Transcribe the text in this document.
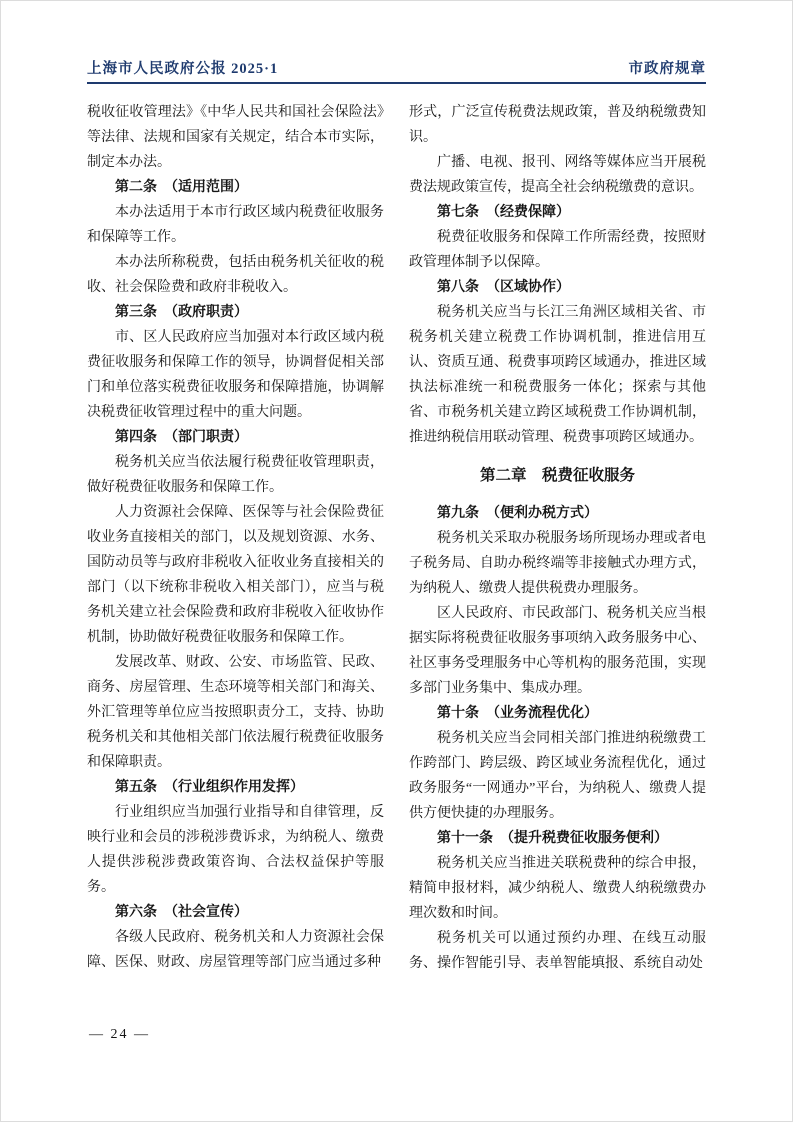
上海市人民政府公报 2025·1	市政府规章

税收征收管理法》《中华人民共和国社会保险法》等法律、法规和国家有关规定，结合本市实际，制定本办法。

第二条　（适用范围）

本办法适用于本市行政区域内税费征收服务和保障等工作。

本办法所称税费，包括由税务机关征收的税收、社会保险费和政府非税收入。

第三条　（政府职责）

市、区人民政府应当加强对本行政区域内税费征收服务和保障工作的领导，协调督促相关部门和单位落实税费征收服务和保障措施，协调解决税费征收管理过程中的重大问题。

第四条　（部门职责）

税务机关应当依法履行税费征收管理职责，做好税费征收服务和保障工作。

人力资源社会保障、医保等与社会保险费征收业务直接相关的部门，以及规划资源、水务、国防动员等与政府非税收入征收业务直接相关的部门（以下统称非税收入相关部门），应当与税务机关建立社会保险费和政府非税收入征收协作机制，协助做好税费征收服务和保障工作。

发展改革、财政、公安、市场监管、民政、商务、房屋管理、生态环境等相关部门和海关、外汇管理等单位应当按照职责分工，支持、协助税务机关和其他相关部门依法履行税费征收服务和保障职责。

第五条　（行业组织作用发挥）

行业组织应当加强行业指导和自律管理，反映行业和会员的涉税涉费诉求，为纳税人、缴费人提供涉税涉费政策咨询、合法权益保护等服务。

第六条　（社会宣传）

各级人民政府、税务机关和人力资源社会保障、医保、财政、房屋管理等部门应当通过多种

形式，广泛宣传税费法规政策，普及纳税缴费知识。

广播、电视、报刊、网络等媒体应当开展税费法规政策宣传，提高全社会纳税缴费的意识。

第七条　（经费保障）

税费征收服务和保障工作所需经费，按照财政管理体制予以保障。

第八条　（区域协作）

税务机关应当与长江三角洲区域相关省、市税务机关建立税费工作协调机制，推进信用互认、资质互通、税费事项跨区域通办，推进区域执法标准统一和税费服务一体化；探索与其他省、市税务机关建立跨区域税费工作协调机制，推进纳税信用联动管理、税费事项跨区域通办。

第二章　税费征收服务

第九条　（便利办税方式）

税务机关采取办税服务场所现场办理或者电子税务局、自助办税终端等非接触式办理方式，为纳税人、缴费人提供税费办理服务。

区人民政府、市民政部门、税务机关应当根据实际将税费征收服务事项纳入政务服务中心、社区事务受理服务中心等机构的服务范围，实现多部门业务集中、集成办理。

第十条　（业务流程优化）

税务机关应当会同相关部门推进纳税缴费工作跨部门、跨层级、跨区域业务流程优化，通过政务服务“一网通办”平台，为纳税人、缴费人提供方便快捷的办理服务。

第十一条　（提升税费征收服务便利）

税务机关应当推进关联税费种的综合申报，精简申报材料，减少纳税人、缴费人纳税缴费办理次数和时间。

税务机关可以通过预约办理、在线互动服务、操作智能引导、表单智能填报、系统自动处

— 24 —
